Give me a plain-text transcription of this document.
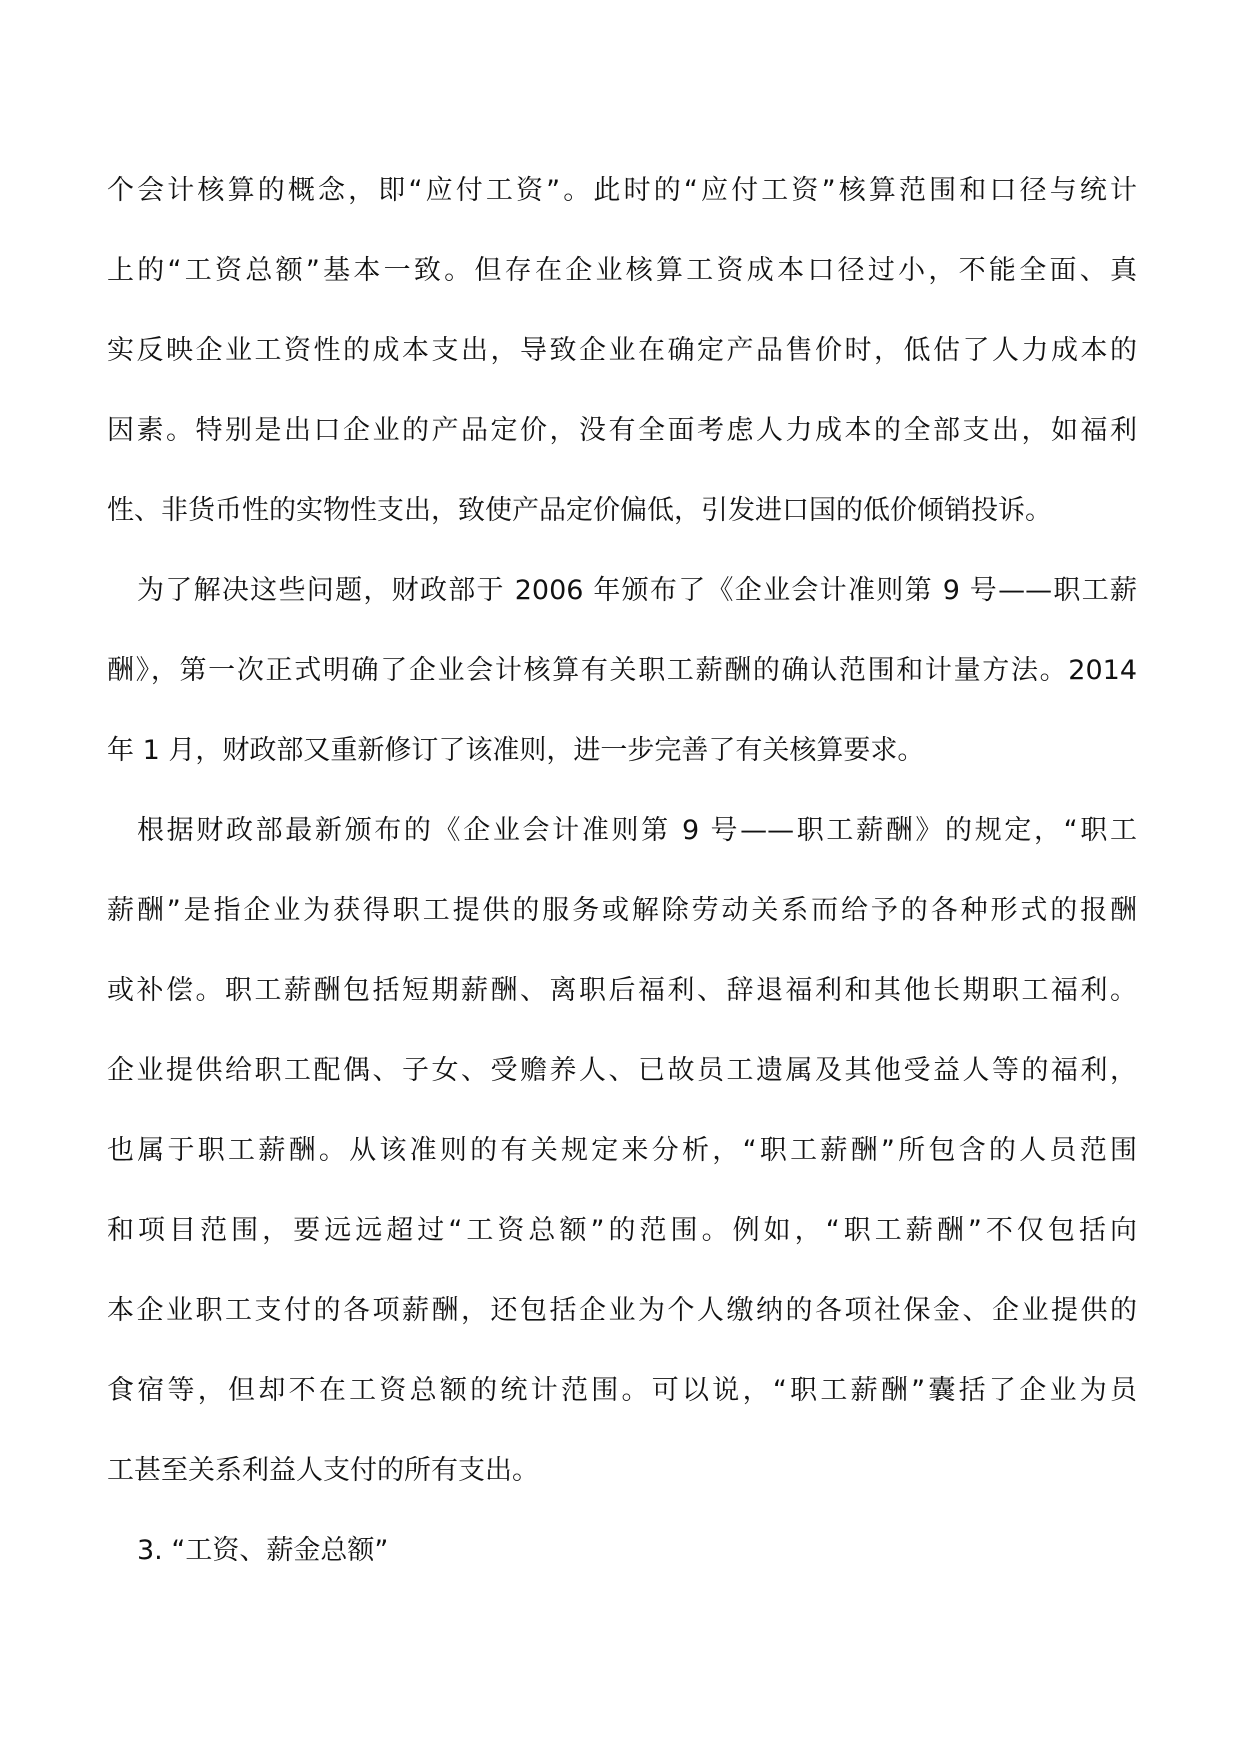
个会计核算的概念，即“应付工资”。此时的“应付工资”核算范围和口径与统计
上的“工资总额”基本一致。但存在企业核算工资成本口径过小，不能全面、真
实反映企业工资性的成本支出，导致企业在确定产品售价时，低估了人力成本的
因素。特别是出口企业的产品定价，没有全面考虑人力成本的全部支出，如福利
性、非货币性的实物性支出，致使产品定价偏低，引发进口国的低价倾销投诉。
为了解决这些问题，财政部于 2006 年颁布了《企业会计准则第 9 号——职工薪
酬》，第一次正式明确了企业会计核算有关职工薪酬的确认范围和计量方法。2014
年 1 月，财政部又重新修订了该准则，进一步完善了有关核算要求。
根据财政部最新颁布的《企业会计准则第 9 号——职工薪酬》的规定，“职工
薪酬”是指企业为获得职工提供的服务或解除劳动关系而给予的各种形式的报酬
或补偿。职工薪酬包括短期薪酬、离职后福利、辞退福利和其他长期职工福利。
企业提供给职工配偶、子女、受赡养人、已故员工遗属及其他受益人等的福利，
也属于职工薪酬。从该准则的有关规定来分析，“职工薪酬”所包含的人员范围
和项目范围，要远远超过“工资总额”的范围。例如，“职工薪酬”不仅包括向
本企业职工支付的各项薪酬，还包括企业为个人缴纳的各项社保金、企业提供的
食宿等，但却不在工资总额的统计范围。可以说，“职工薪酬”囊括了企业为员
工甚至关系利益人支付的所有支出。
3. “工资、薪金总额”
